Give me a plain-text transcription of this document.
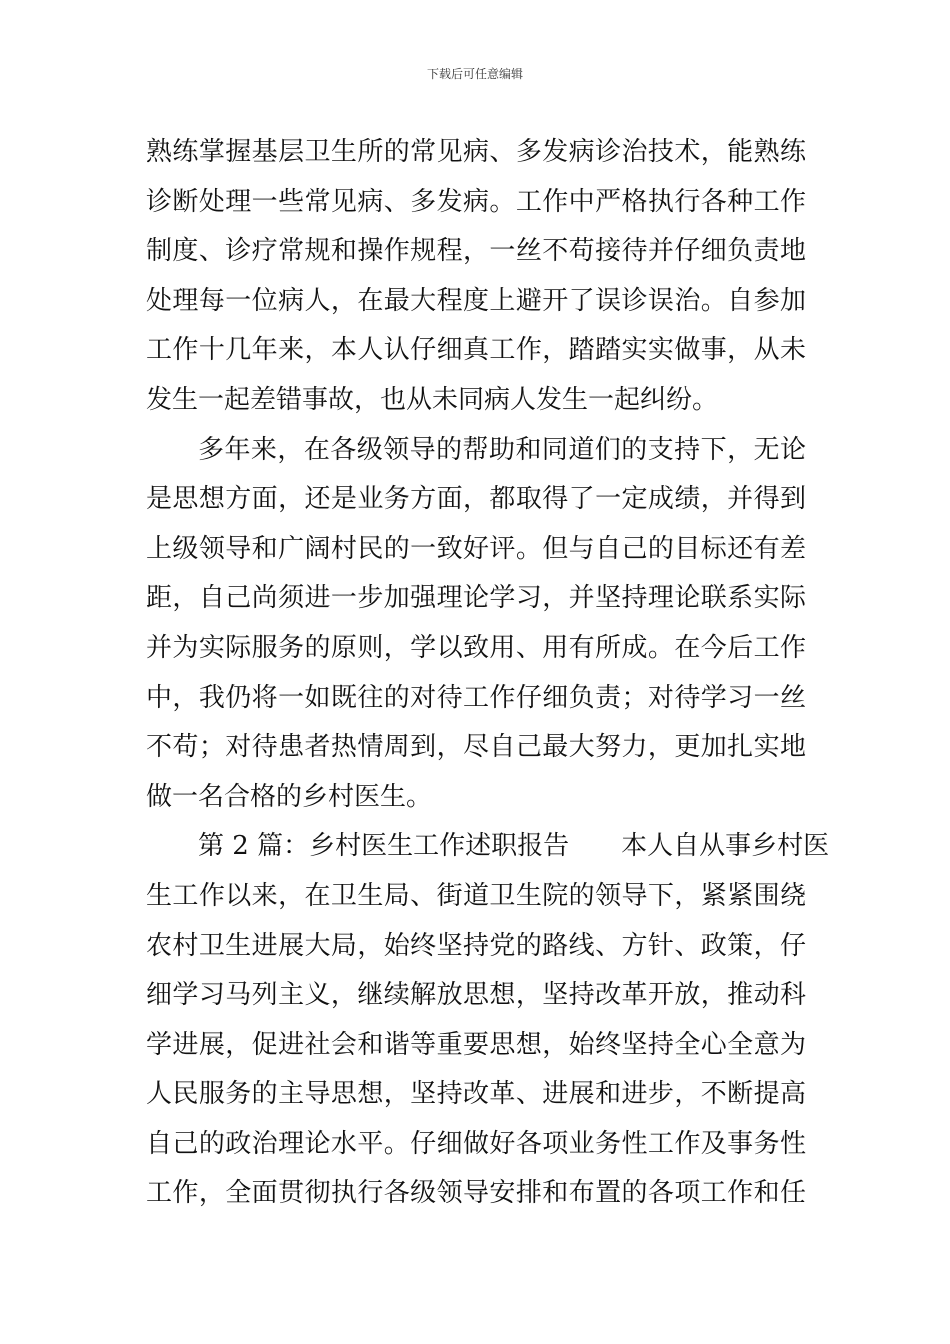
下载后可任意编辑
熟练掌握基层卫生所的常见病、多发病诊治技术，能熟练
诊断处理一些常见病、多发病。工作中严格执行各种工作
制度、诊疗常规和操作规程，一丝不苟接待并仔细负责地
处理每一位病人，在最大程度上避开了误诊误治。自参加
工作十几年来，本人认仔细真工作，踏踏实实做事，从未
发生一起差错事故，也从未同病人发生一起纠纷。
多年来，在各级领导的帮助和同道们的支持下，无论
是思想方面，还是业务方面，都取得了一定成绩，并得到
上级领导和广阔村民的一致好评。但与自己的目标还有差
距，自己尚须进一步加强理论学习，并坚持理论联系实际
并为实际服务的原则，学以致用、用有所成。在今后工作
中，我仍将一如既往的对待工作仔细负责；对待学习一丝
不苟；对待患者热情周到，尽自己最大努力，更加扎实地
做一名合格的乡村医生。
第 2 篇：乡村医生工作述职报告　　本人自从事乡村医
生工作以来，在卫生局、街道卫生院的领导下，紧紧围绕
农村卫生进展大局，始终坚持党的路线、方针、政策，仔
细学习马列主义，继续解放思想，坚持改革开放，推动科
学进展，促进社会和谐等重要思想，始终坚持全心全意为
人民服务的主导思想，坚持改革、进展和进步，不断提高
自己的政治理论水平。仔细做好各项业务性工作及事务性
工作，全面贯彻执行各级领导安排和布置的各项工作和任
